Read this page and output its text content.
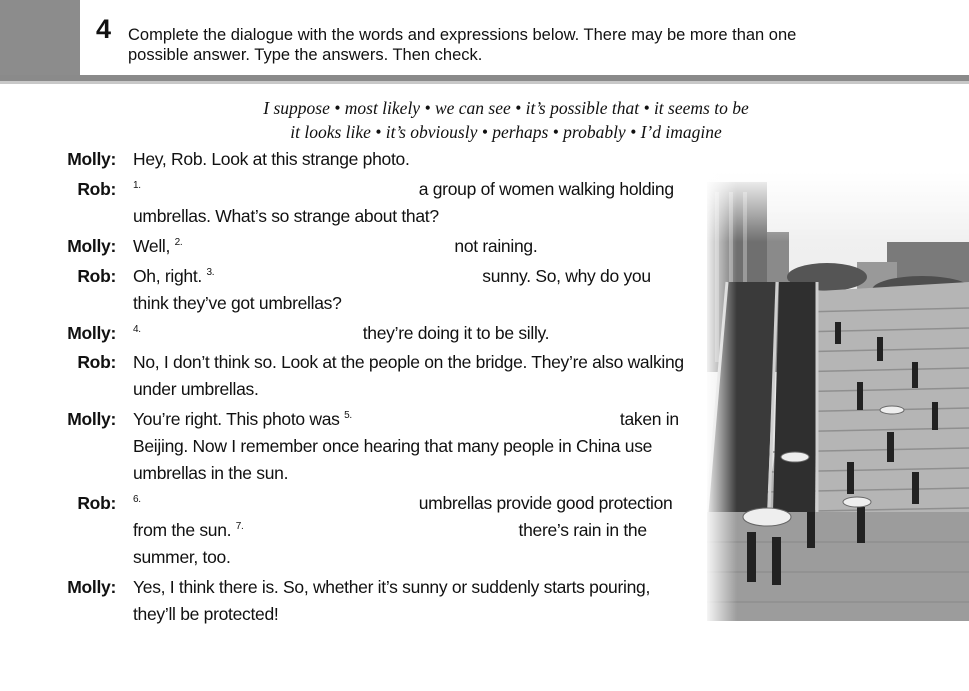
4 Complete the dialogue with the words and expressions below. There may be more than one
possible answer. Type the answers. Then check.
I suppose • most likely • we can see • it’s possible that • it seems to be
it looks like • it’s obviously • perhaps • probably • I’d imagine
Molly: Hey, Rob. Look at this strange photo.
Rob: $^{1.}$	a group of women walking holding
umbrellas. What’s so strange about that?
Molly: Well, $^{2.}$	not raining.
Rob: Oh, right. $^{3.}$	sunny. So, why do you
think they’ve got umbrellas?
Molly: $^{4.}$	they’re doing it to be silly.
Rob: No, I don’t think so. Look at the people on the bridge. They’re also walking
under umbrellas.
Molly: You’re right. This photo was $^{5.}$	taken in
Beijing. Now I remember once hearing that many people in China use
umbrellas in the sun.
Rob: $^{6.}$	umbrellas provide good protection
from the sun. $^{7.}$	there’s rain in the
summer, too.
Molly: Yes, I think there is. So, whether it’s sunny or suddenly starts pouring,
they’ll be protected!
